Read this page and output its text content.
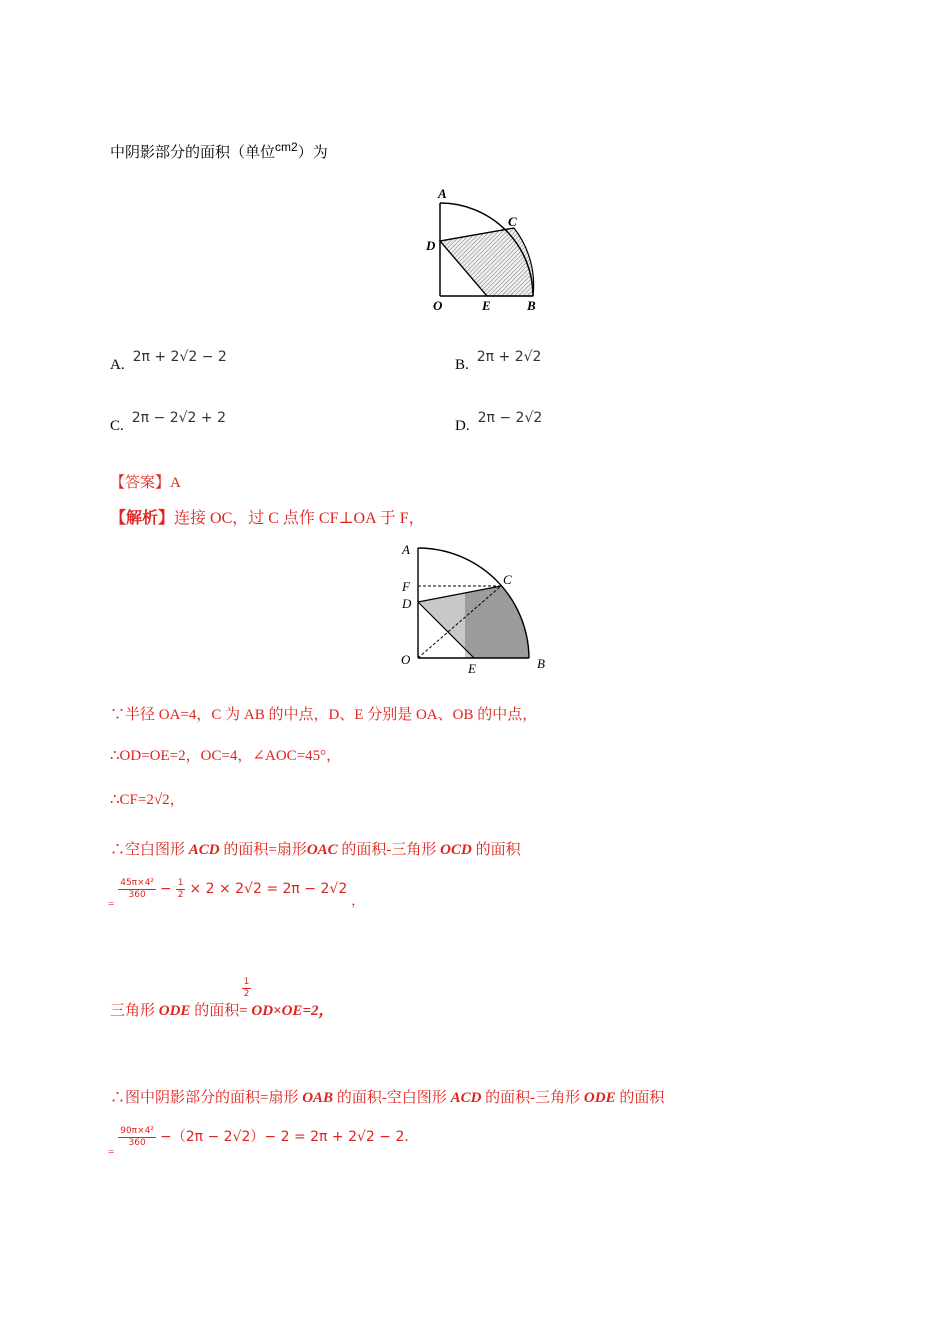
中阴影部分的面积（单位$^{cm2}$）为
A
C
D
O	E	B
A. 2π + 2√2 − 2	B. 2π + 2√2
C. 2π − 2√2 + 2	D. 2π − 2√2
【答案】A
【解析】连接 OC，过 C 点作 CF⊥OA 于 F，
A
F	C
D
O
E	B
∵半径 OA=4，C 为 AB 的中点，D、E 分别是 OA、OB 的中点，
∴OD=OE=2，OC=4，∠AOC=45°，
∴CF=2√2，
∴空白图形 ACD 的面积=扇形OAC 的面积-三角形 OCD 的面积
$_=$
$\frac{\text{45π×4²}}{360} - \frac{1}{2} \times 2 \times 2√2 = 2\pi - 2√2$ $_,$
三角形 ODE 的面积=
$\frac{1}{2}$
OD×OE=2，
∴图中阴影部分的面积=扇形 OAB 的面积-空白图形 ACD 的面积-三角形 ODE 的面积
$_=$
$\frac{\text{90π×4²}}{360} -(2\pi - 2√2)- 2 = 2\pi + 2√2 - 2$．
